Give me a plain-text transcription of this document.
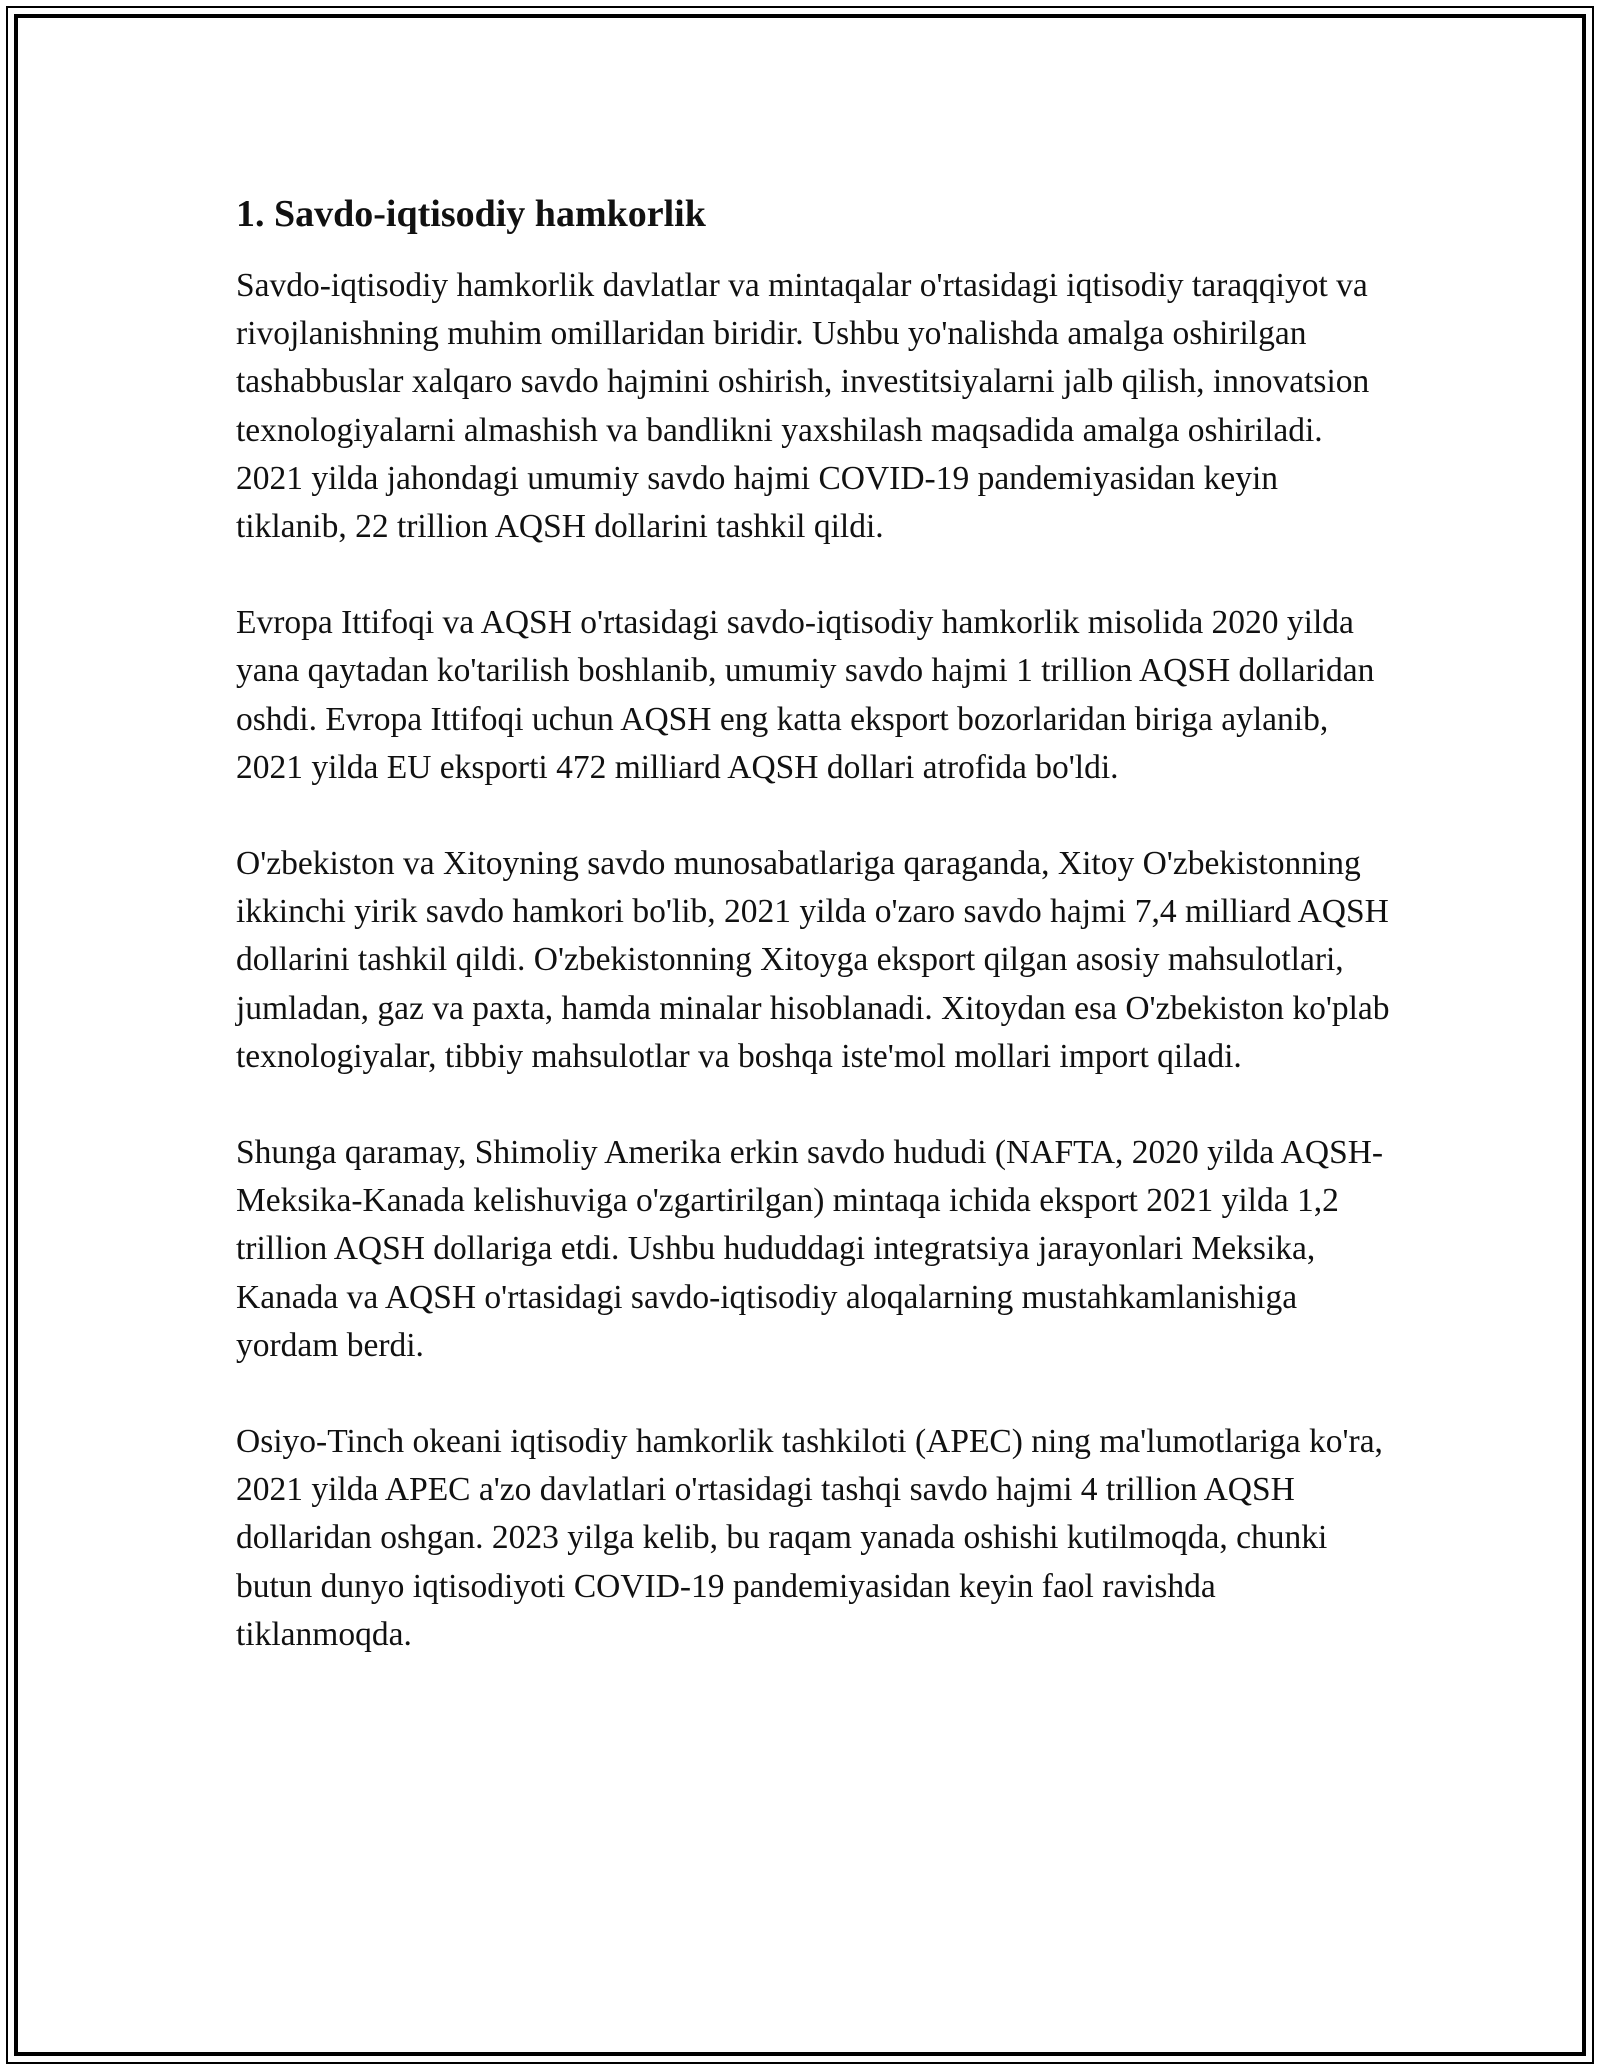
1. Savdo-iqtisodiy hamkorlik

Savdo-iqtisodiy hamkorlik davlatlar va mintaqalar o'rtasidagi iqtisodiy taraqqiyot va rivojlanishning muhim omillaridan biridir. Ushbu yo'nalishda amalga oshirilgan tashabbuslar xalqaro savdo hajmini oshirish, investitsiyalarni jalb qilish, innovatsion texnologiyalarni almashish va bandlikni yaxshilash maqsadida amalga oshiriladi. 2021 yilda jahondagi umumiy savdo hajmi COVID-19 pandemiyasidan keyin tiklanib, 22 trillion AQSH dollarini tashkil qildi.

Evropa Ittifoqi va AQSH o'rtasidagi savdo-iqtisodiy hamkorlik misolida 2020 yilda yana qaytadan ko'tarilish boshlanib, umumiy savdo hajmi 1 trillion AQSH dollaridan oshdi. Evropa Ittifoqi uchun AQSH eng katta eksport bozorlaridan biriga aylanib, 2021 yilda EU eksporti 472 milliard AQSH dollari atrofida bo'ldi.

O'zbekiston va Xitoyning savdo munosabatlariga qaraganda, Xitoy O'zbekistonning ikkinchi yirik savdo hamkori bo'lib, 2021 yilda o'zaro savdo hajmi 7,4 milliard AQSH dollarini tashkil qildi. O'zbekistonning Xitoyga eksport qilgan asosiy mahsulotlari, jumladan, gaz va paxta, hamda minalar hisoblanadi. Xitoydan esa O'zbekiston ko'plab texnologiyalar, tibbiy mahsulotlar va boshqa iste'mol mollari import qiladi.

Shunga qaramay, Shimoliy Amerika erkin savdo hududi (NAFTA, 2020 yilda AQSH-Meksika-Kanada kelishuviga o'zgartirilgan) mintaqa ichida eksport 2021 yilda 1,2 trillion AQSH dollariga etdi. Ushbu hududdagi integratsiya jarayonlari Meksika, Kanada va AQSH o'rtasidagi savdo-iqtisodiy aloqalarning mustahkamlanishiga yordam berdi.

Osiyo-Tinch okeani iqtisodiy hamkorlik tashkiloti (APEC) ning ma'lumotlariga ko'ra, 2021 yilda APEC a'zo davlatlari o'rtasidagi tashqi savdo hajmi 4 trillion AQSH dollaridan oshgan. 2023 yilga kelib, bu raqam yanada oshishi kutilmoqda, chunki butun dunyo iqtisodiyoti COVID-19 pandemiyasidan keyin faol ravishda tiklanmoqda.
